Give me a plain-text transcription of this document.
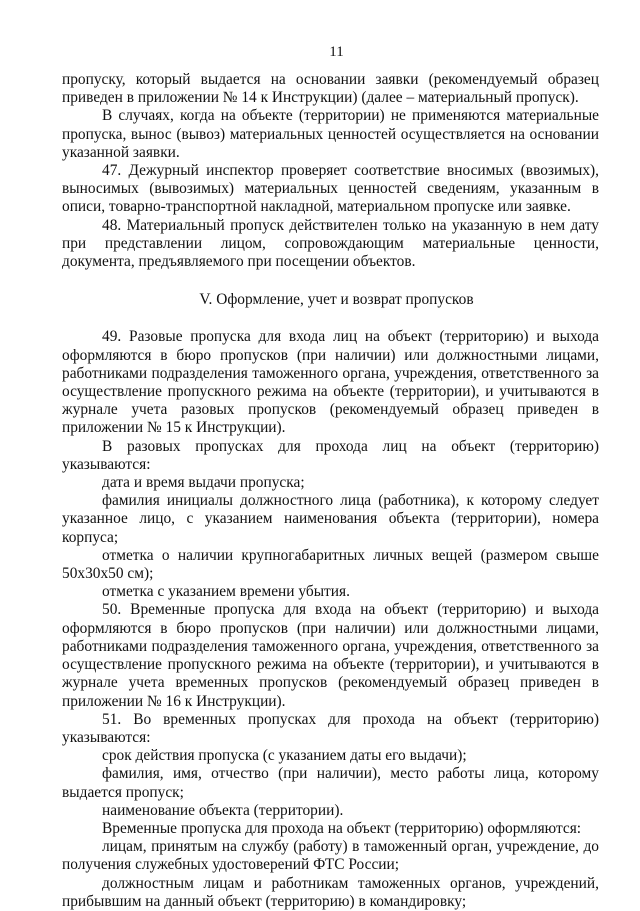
11

пропуску, который выдается на основании заявки (рекомендуемый образец приведен в приложении № 14 к Инструкции) (далее – материальный пропуск).

В случаях, когда на объекте (территории) не применяются материальные пропуска, вынос (вывоз) материальных ценностей осуществляется на основании указанной заявки.

47. Дежурный инспектор проверяет соответствие вносимых (ввозимых), выносимых (вывозимых) материальных ценностей сведениям, указанным в описи, товарно-транспортной накладной, материальном пропуске или заявке.

48. Материальный пропуск действителен только на указанную в нем дату при представлении лицом, сопровождающим материальные ценности, документа, предъявляемого при посещении объектов.

V. Оформление, учет и возврат пропусков

49. Разовые пропуска для входа лиц на объект (территорию) и выхода оформляются в бюро пропусков (при наличии) или должностными лицами, работниками подразделения таможенного органа, учреждения, ответственного за осуществление пропускного режима на объекте (территории), и учитываются в журнале учета разовых пропусков (рекомендуемый образец приведен в приложении № 15 к Инструкции).

В разовых пропусках для прохода лиц на объект (территорию) указываются:

дата и время выдачи пропуска;

фамилия инициалы должностного лица (работника), к которому следует указанное лицо, с указанием наименования объекта (территории), номера корпуса;

отметка о наличии крупногабаритных личных вещей (размером свыше 50x30x50 см);

отметка с указанием времени убытия.

50. Временные пропуска для входа на объект (территорию) и выхода оформляются в бюро пропусков (при наличии) или должностными лицами, работниками подразделения таможенного органа, учреждения, ответственного за осуществление пропускного режима на объекте (территории), и учитываются в журнале учета временных пропусков (рекомендуемый образец приведен в приложении № 16 к Инструкции).

51. Во временных пропусках для прохода на объект (территорию) указываются:

срок действия пропуска (с указанием даты его выдачи);

фамилия, имя, отчество (при наличии), место работы лица, которому выдается пропуск;

наименование объекта (территории).

Временные пропуска для прохода на объект (территорию) оформляются:

лицам, принятым на службу (работу) в таможенный орган, учреждение, до получения служебных удостоверений ФТС России;

должностным лицам и работникам таможенных органов, учреждений, прибывшим на данный объект (территорию) в командировку;
